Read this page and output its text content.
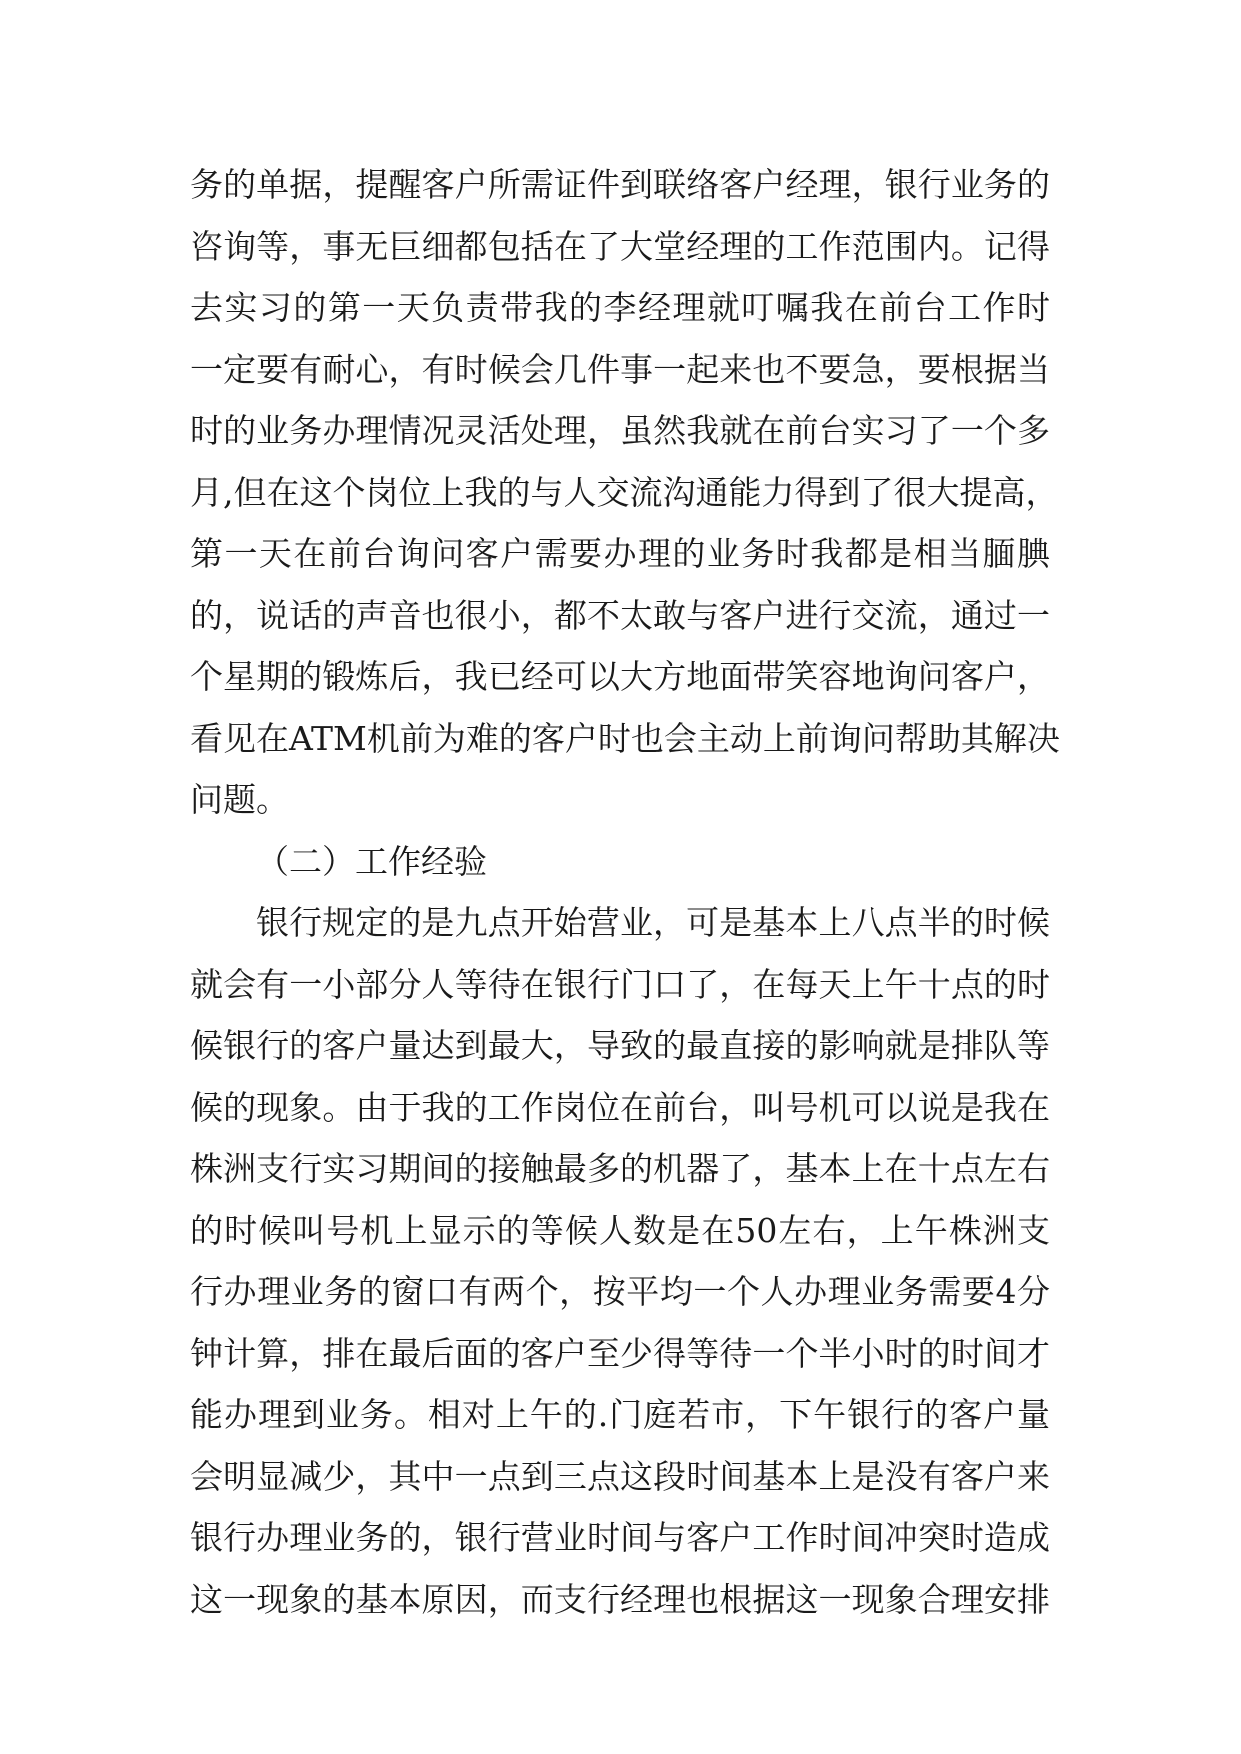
务的单据，提醒客户所需证件到联络客户经理，银行业务的
咨询等，事无巨细都包括在了大堂经理的工作范围内。记得
去实习的第一天负责带我的李经理就叮嘱我在前台工作时
一定要有耐心，有时候会几件事一起来也不要急，要根据当
时的业务办理情况灵活处理，虽然我就在前台实习了一个多
月,但在这个岗位上我的与人交流沟通能力得到了很大提高，
第一天在前台询问客户需要办理的业务时我都是相当腼腆
的，说话的声音也很小，都不太敢与客户进行交流，通过一
个星期的锻炼后，我已经可以大方地面带笑容地询问客户，
看见在ATM机前为难的客户时也会主动上前询问帮助其解决
问题。
（二）工作经验
银行规定的是九点开始营业，可是基本上八点半的时候
就会有一小部分人等待在银行门口了，在每天上午十点的时
候银行的客户量达到最大，导致的最直接的影响就是排队等
候的现象。由于我的工作岗位在前台，叫号机可以说是我在
株洲支行实习期间的接触最多的机器了，基本上在十点左右
的时候叫号机上显示的等候人数是在50左右，上午株洲支
行办理业务的窗口有两个，按平均一个人办理业务需要4分
钟计算，排在最后面的客户至少得等待一个半小时的时间才
能办理到业务。相对上午的.门庭若市，下午银行的客户量
会明显减少，其中一点到三点这段时间基本上是没有客户来
银行办理业务的，银行营业时间与客户工作时间冲突时造成
这一现象的基本原因，而支行经理也根据这一现象合理安排
